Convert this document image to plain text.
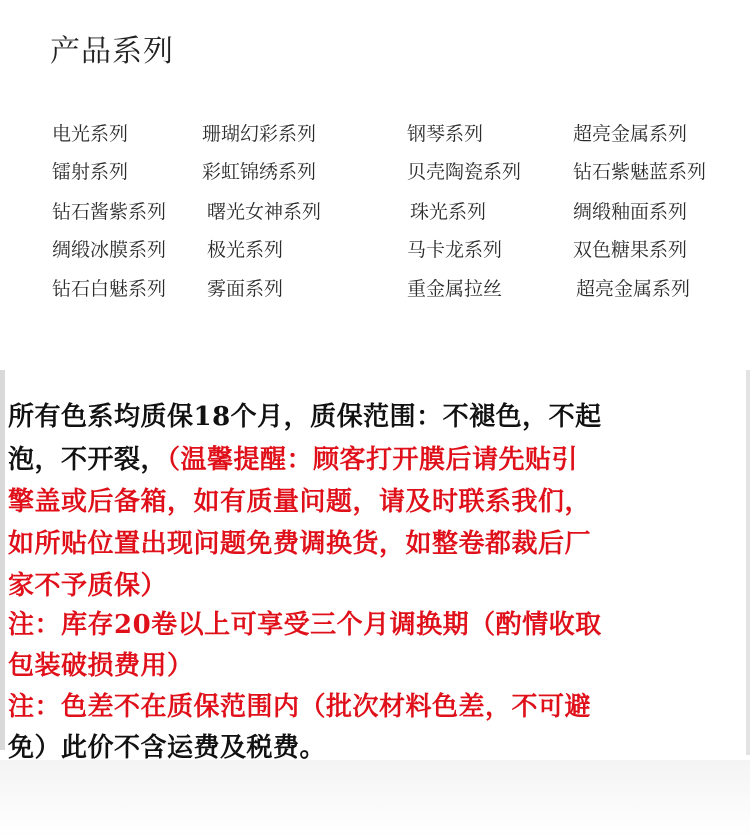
产品系列
电光系列	珊瑚幻彩系列	钢琴系列	超亮金属系列
镭射系列	彩虹锦绣系列	贝壳陶瓷系列	钻石紫魅蓝系列
钻石酱紫系列 曙光女神系列	珠光系列	绸缎釉面系列
绸缎冰膜系列 极光系列	马卡龙系列	双色糖果系列
钻石白魅系列 雾面系列	重金属拉丝	超亮金属系列
所有色系均质保18个月，质保范围：不褪色，不起
泡，不开裂，（温馨提醒：顾客打开膜后请先贴引
擎盖或后备箱，如有质量问题，请及时联系我们，
如所贴位置出现问题免费调换货，如整卷都裁后厂
家不予质保）
注：库存20卷以上可享受三个月调换期（酌情收取
包装破损费用）
注：色差不在质保范围内（批次材料色差，不可避
免）此价不含运费及税费。
